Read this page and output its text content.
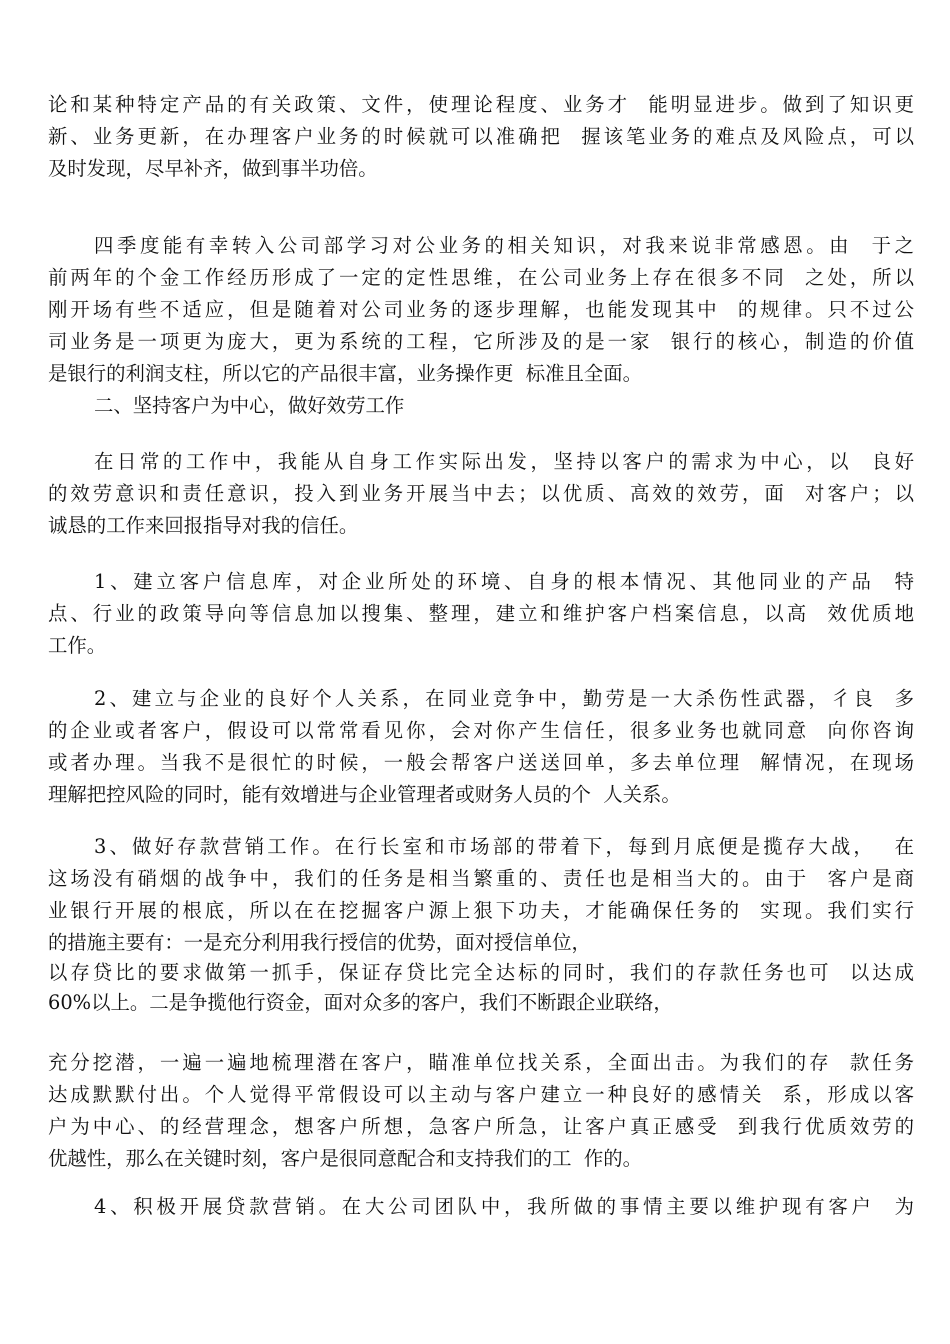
论和某种特定产品的有关政策、文件，使理论程度、业务才  能明显进步。做到了知识更
新、业务更新，在办理客户业务的时候就可以准确把  握该笔业务的难点及风险点，可以
及时发现，尽早补齐，做到事半功倍。
四季度能有幸转入公司部学习对公业务的相关知识，对我来说非常感恩。由  于之
前两年的个金工作经历形成了一定的定性思维，在公司业务上存在很多不同  之处，所以
刚开场有些不适应，但是随着对公司业务的逐步理解，也能发现其中  的规律。只不过公
司业务是一项更为庞大，更为系统的工程，它所涉及的是一家  银行的核心，制造的价值
是银行的利润支柱，所以它的产品很丰富，业务操作更  标准且全面。
二、坚持客户为中心，做好效劳工作
在日常的工作中，我能从自身工作实际出发，坚持以客户的需求为中心，以  良好
的效劳意识和责任意识，投入到业务开展当中去；以优质、高效的效劳，面  对客户；以
诚恳的工作来回报指导对我的信任。
1、建立客户信息库，对企业所处的环境、自身的根本情况、其他同业的产品  特
点、行业的政策导向等信息加以搜集、整理，建立和维护客户档案信息，以高  效优质地
工作。
2、建立与企业的良好个人关系，在同业竞争中，勤劳是一大杀伤性武器，彳良  多
的企业或者客户，假设可以常常看见你，会对你产生信任，很多业务也就同意  向你咨询
或者办理。当我不是很忙的时候，一般会帮客户送送回单，多去单位理  解情况，在现场
理解把控风险的同时，能有效增进与企业管理者或财务人员的个  人关系。
3、做好存款营销工作。在行长室和市场部的带着下，每到月底便是揽存大战，  在
这场没有硝烟的战争中，我们的任务是相当繁重的、责任也是相当大的。由于  客户是商
业银行开展的根底，所以在在挖掘客户源上狠下功夫，才能确保任务的  实现。我们实行
的措施主要有：一是充分利用我行授信的优势，面对授信单位，
以存贷比的要求做第一抓手，保证存贷比完全达标的同时，我们的存款任务也可  以达成
60%以上。二是争揽他行资金，面对众多的客户，我们不断跟企业联络，
充分挖潜，一遍一遍地梳理潜在客户，瞄准单位找关系，全面出击。为我们的存  款任务
达成默默付出。个人觉得平常假设可以主动与客户建立一种良好的感情关  系，形成以客
户为中心、的经营理念，想客户所想，急客户所急，让客户真正感受  到我行优质效劳的
优越性，那么在关键时刻，客户是很同意配合和支持我们的工  作的。
4、积极开展贷款营销。在大公司团队中，我所做的事情主要以维护现有客户  为
